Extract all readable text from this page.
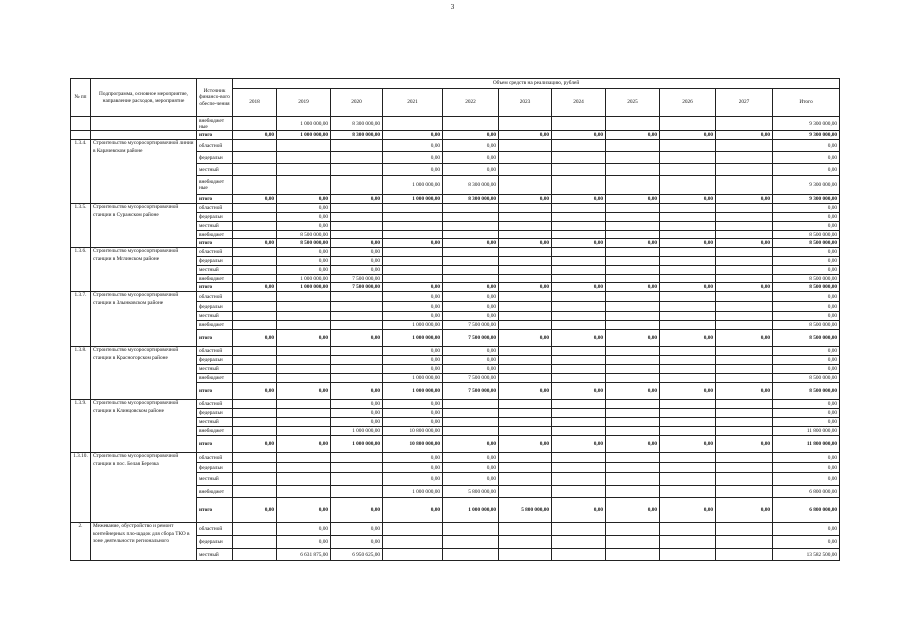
3
№ пп	Подпрограмма, основное мероприятие, направление расходов, мероприятие	Источник финансо-вого обеспе-чения	Объем средств на реализацию, рублей										
			2018	2019	2020	2021	2022	2023	2024	2025	2026	2027	Итого
		внебюджет ные		1 000 000,00	8 300 000,00								9 300 000,00
		итого	0,00	1 000 000,00	8 300 000,00	0,00	0,00	0,00	0,00	0,00	0,00	0,00	9 300 000,00
1.3.4.	Строительство мусоросортировочной линии в Карачевском районе	областной				0,00	0,00						0,00
		федеральн				0,00	0,00						0,00
		местный				0,00	0,00						0,00
		внебюджет ные				1 000 000,00	8 300 000,00						9 300 000,00
		итого	0,00	0,00	0,00	1 000 000,00	8 300 000,00	0,00	0,00	0,00	0,00	0,00	9 300 000,00
1.3.5.	Строительство мусоросортировочной станции в Суражском районе	областной		0,00									0,00
		федеральн		0,00									0,00
		местный		0,00									0,00
		внебюджет		8 500 000,00									8 500 000,00
		итого	0,00	8 500 000,00	0,00	0,00	0,00	0,00	0,00	0,00	0,00	0,00	8 500 000,00
1.3.6.	Строительство мусоросортировочной станции в Мглинском районе	областной		0,00	0,00								0,00
		федеральн		0,00	0,00								0,00
		местный		0,00	0,00								0,00
		внебюджет		1 000 000,00	7 500 000,00								8 500 000,00
		итого	0,00	1 000 000,00	7 500 000,00	0,00	0,00	0,00	0,00	0,00	0,00	0,00	8 500 000,00
1.3.7.	Строительство мусоросортировочной станции в Злынковском районе	областной				0,00	0,00						0,00
		федеральн				0,00	0,00						0,00
		местный				0,00	0,00						0,00
		внебюджет				1 000 000,00	7 500 000,00						8 500 000,00
		итого	0,00	0,00	0,00	1 000 000,00	7 500 000,00	0,00	0,00	0,00	0,00	0,00	8 500 000,00
1.3.8.	Строительство мусоросортировочной станции в Красногорском районе	областной				0,00	0,00						0,00
		федеральн				0,00	0,00						0,00
		местный				0,00	0,00						0,00
		внебюджет				1 000 000,00	7 500 000,00						8 500 000,00
		итого	0,00	0,00	0,00	1 000 000,00	7 500 000,00	0,00	0,00	0,00	0,00	0,00	8 500 000,00
1.3.9.	Строительство мусоросортировочной станции в Клинцовском районе	областной			0,00	0,00							0,00
		федеральн			0,00	0,00							0,00
		местный			0,00	0,00							0,00
		внебюджет			1 000 000,00	10 800 000,00							11 800 000,00
		итого	0,00	0,00	1 000 000,00	10 800 000,00	0,00	0,00	0,00	0,00	0,00	0,00	11 800 000,00
1.3.10.	Строительство мусоросортировочной станции в пос. Белая Березка	областной				0,00	0,00						0,00
		федеральн				0,00	0,00						0,00
		местный				0,00	0,00						0,00
		внебюджет				1 000 000,00	5 800 000,00						6 800 000,00
		итого	0,00	0,00	0,00	0,00	1 000 000,00	5 800 000,00	0,00	0,00	0,00	0,00	6 800 000,00
2.	Межевание, обустройство и ремонт контейнерных пло-щадок для сбора ТКО в зоне деятельности регионального	областной		0,00	0,00								0,00
		федеральн		0,00	0,00								0,00
		местный		6 631 875,00	6 950 625,00								13 582 500,00
